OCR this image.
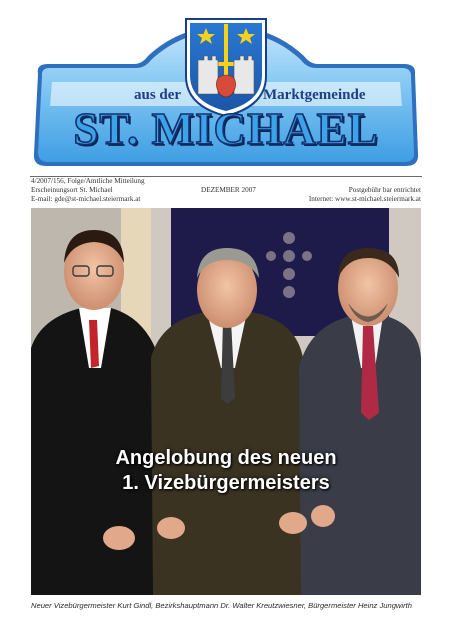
aus der	Marktgemeinde
ST. MICHAEL
4/2007/156, Folge/Amtliche Mitteilung
Erscheinungsort St. Michael	DEZEMBER 2007	Postgebühr bar entrichtet
E-mail: gde@st-michael.steiermark.at	Internet: www.st-michael.steiermark.at
Angelobung des neuen
1. Vizebürgermeisters
Neuer Vizebürgermeister Kurt Gindl, Bezirkshauptmann Dr. Walter Kreutzwiesner, Bürgermeister Heinz Jungwirth
